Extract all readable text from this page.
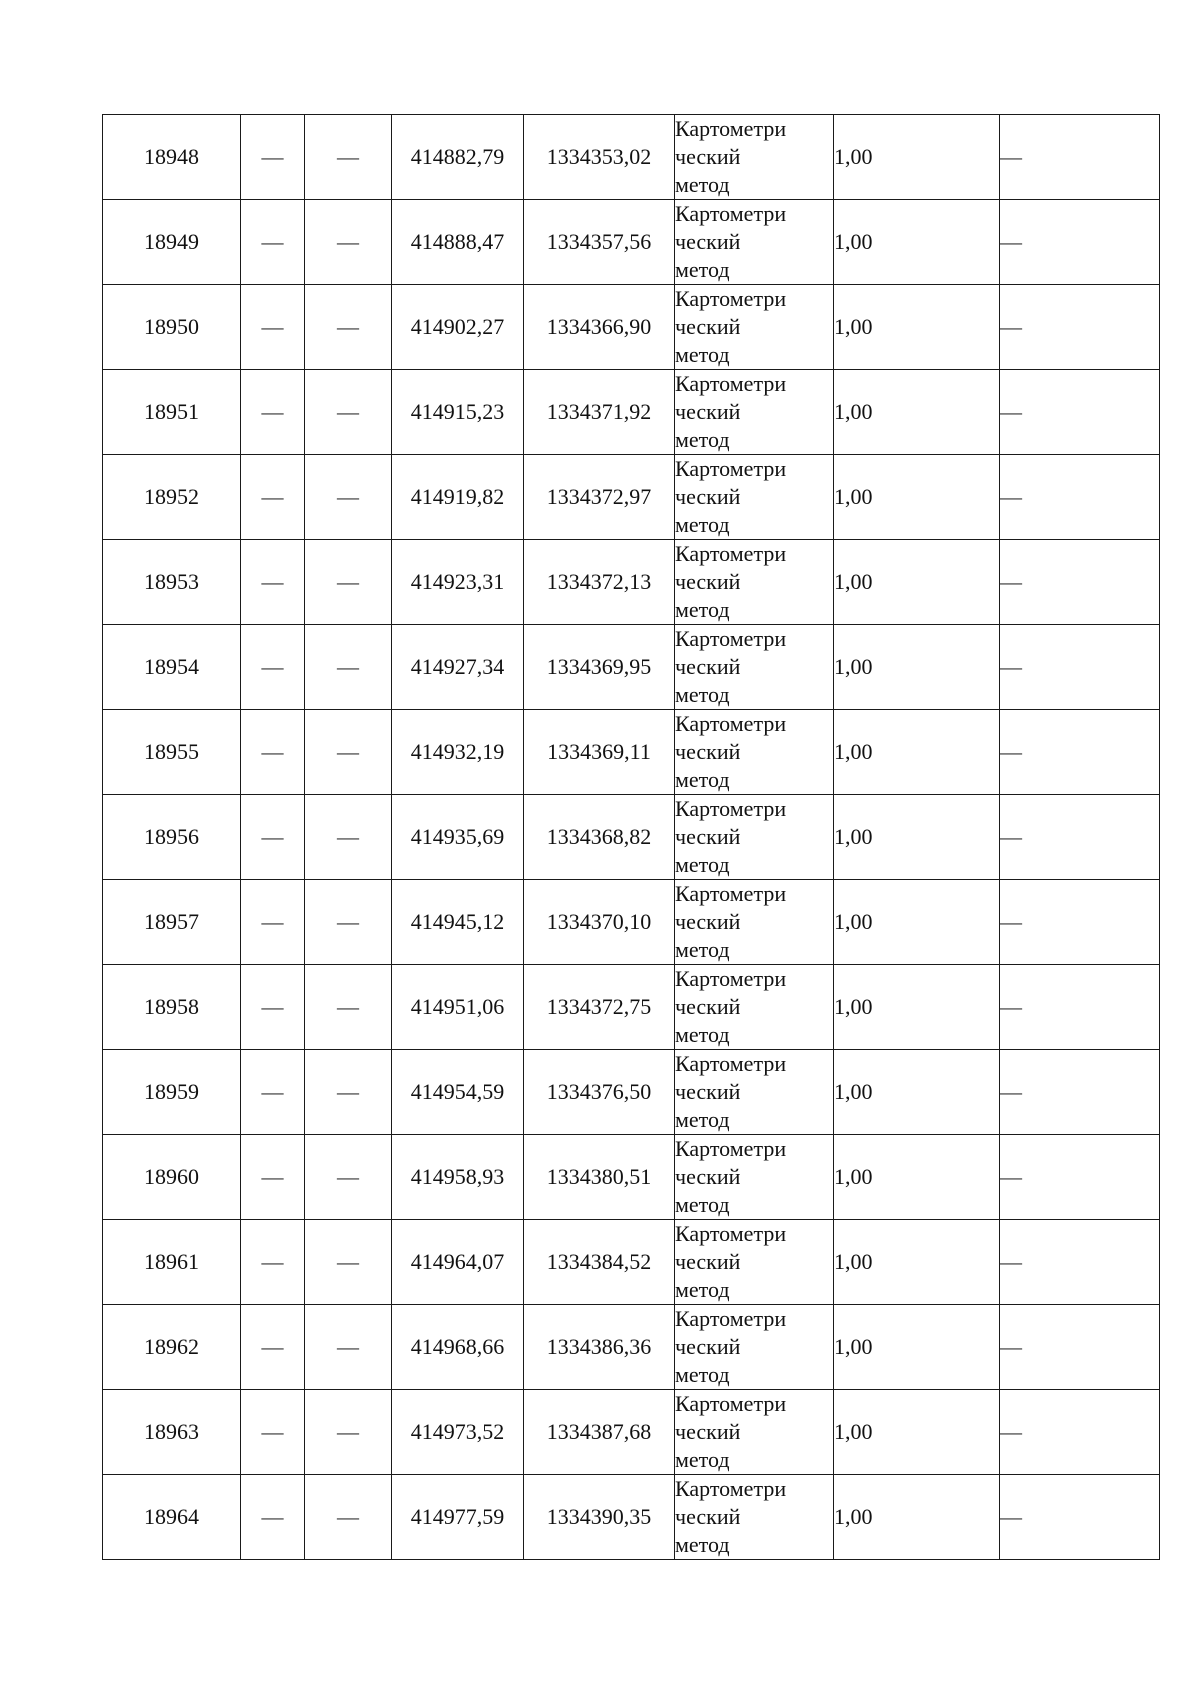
18948	—	—	414882,79	1334353,02	Картометри
ческий
метод	1,00	—
18949	—	—	414888,47	1334357,56	Картометри
ческий
метод	1,00	—
18950	—	—	414902,27	1334366,90	Картометри
ческий
метод	1,00	—
18951	—	—	414915,23	1334371,92	Картометри
ческий
метод	1,00	—
18952	—	—	414919,82	1334372,97	Картометри
ческий
метод	1,00	—
18953	—	—	414923,31	1334372,13	Картометри
ческий
метод	1,00	—
18954	—	—	414927,34	1334369,95	Картометри
ческий
метод	1,00	—
18955	—	—	414932,19	1334369,11	Картометри
ческий
метод	1,00	—
18956	—	—	414935,69	1334368,82	Картометри
ческий
метод	1,00	—
18957	—	—	414945,12	1334370,10	Картометри
ческий
метод	1,00	—
18958	—	—	414951,06	1334372,75	Картометри
ческий
метод	1,00	—
18959	—	—	414954,59	1334376,50	Картометри
ческий
метод	1,00	—
18960	—	—	414958,93	1334380,51	Картометри
ческий
метод	1,00	—
18961	—	—	414964,07	1334384,52	Картометри
ческий
метод	1,00	—
18962	—	—	414968,66	1334386,36	Картометри
ческий
метод	1,00	—
18963	—	—	414973,52	1334387,68	Картометри
ческий
метод	1,00	—
18964	—	—	414977,59	1334390,35	Картометри
ческий
метод	1,00	—
